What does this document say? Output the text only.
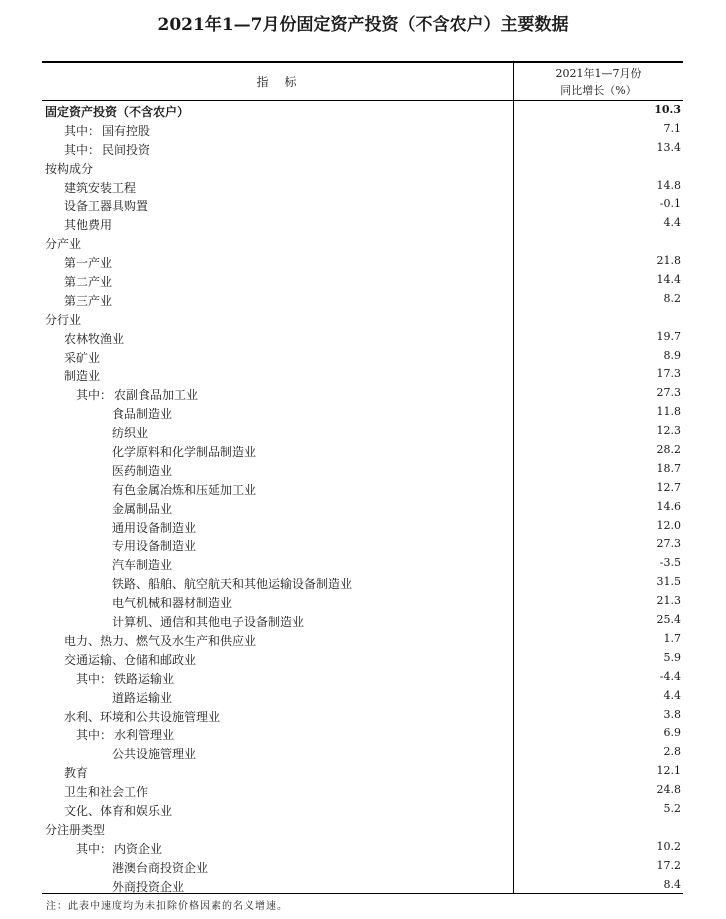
2021年1—7月份固定资产投资（不含农户）主要数据
指　标
2021年1—7月份
同比增长（%）
固定资产投资（不含农户）	10.3
其中： 国有控股	7.1
其中： 民间投资	13.4
按构成分
建筑安装工程	14.8
设备工器具购置	-0.1
其他费用	4.4
分产业
第一产业	21.8
第二产业	14.4
第三产业	8.2
分行业
农林牧渔业	19.7
采矿业	8.9
制造业	17.3
其中： 农副食品加工业	27.3
食品制造业	11.8
纺织业	12.3
化学原料和化学制品制造业	28.2
医药制造业	18.7
有色金属冶炼和压延加工业	12.7
金属制品业	14.6
通用设备制造业	12.0
专用设备制造业	27.3
汽车制造业	-3.5
铁路、船舶、航空航天和其他运输设备制造业	31.5
电气机械和器材制造业	21.3
计算机、通信和其他电子设备制造业	25.4
电力、热力、燃气及水生产和供应业	1.7
交通运输、仓储和邮政业	5.9
其中： 铁路运输业	-4.4
道路运输业	4.4
水利、环境和公共设施管理业	3.8
其中： 水利管理业	6.9
公共设施管理业	2.8
教育	12.1
卫生和社会工作	24.8
文化、体育和娱乐业	5.2
分注册类型
其中： 内资企业	10.2
港澳台商投资企业	17.2
外商投资企业	8.4
注：此表中速度均为未扣除价格因素的名义增速。
